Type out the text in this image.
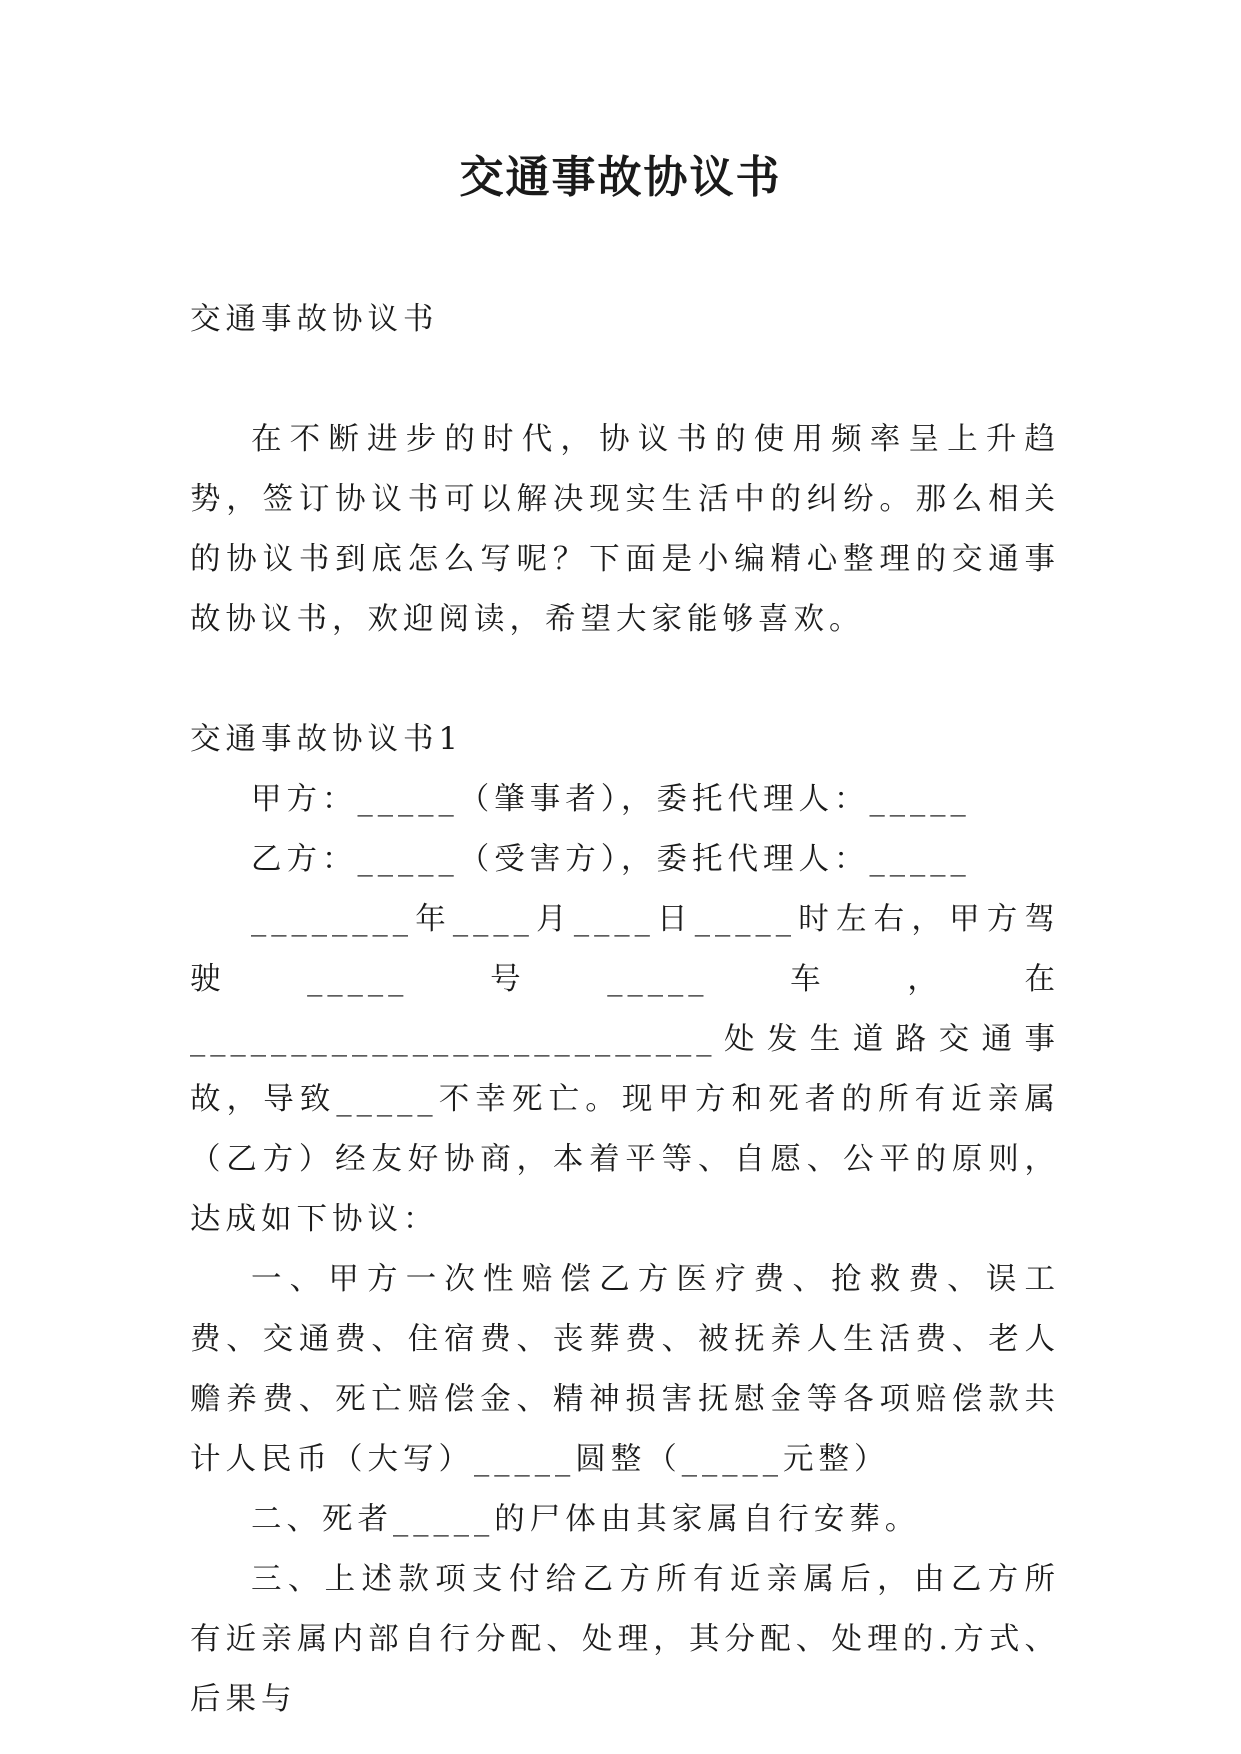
交通事故协议书

交通事故协议书

在不断进步的时代，协议书的使用频率呈上升趋势，签订协议书可以解决现实生活中的纠纷。那么相关的协议书到底怎么写呢？下面是小编精心整理的交通事故协议书，欢迎阅读，希望大家能够喜欢。

交通事故协议书1

甲方：_____（肇事者），委托代理人：_____

乙方：_____（受害方），委托代理人：_____

________年____月____日_____时左右，甲方驾驶_____号_____车，在__________________________处发生道路交通事故，导致_____不幸死亡。现甲方和死者的所有近亲属（乙方）经友好协商，本着平等、自愿、公平的原则，达成如下协议：

一、甲方一次性赔偿乙方医疗费、抢救费、误工费、交通费、住宿费、丧葬费、被抚养人生活费、老人赡养费、死亡赔偿金、精神损害抚慰金等各项赔偿款共计人民币（大写）_____圆整（_____元整）

二、死者_____的尸体由其家属自行安葬。

三、上述款项支付给乙方所有近亲属后，由乙方所有近亲属内部自行分配、处理，其分配、处理的.方式、后果与
